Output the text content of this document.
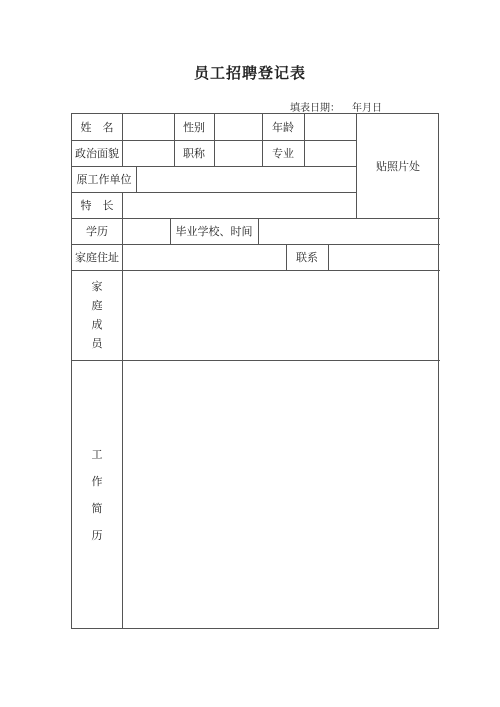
员工招聘登记表
填表日期： 年月日
姓　名	性别	年龄
贴照片处
政治面貌	职称	专业
原工作单位
特　长
学历	毕业学校、时间
家庭住址	联系
家
庭
成
员
工
作
简
历
